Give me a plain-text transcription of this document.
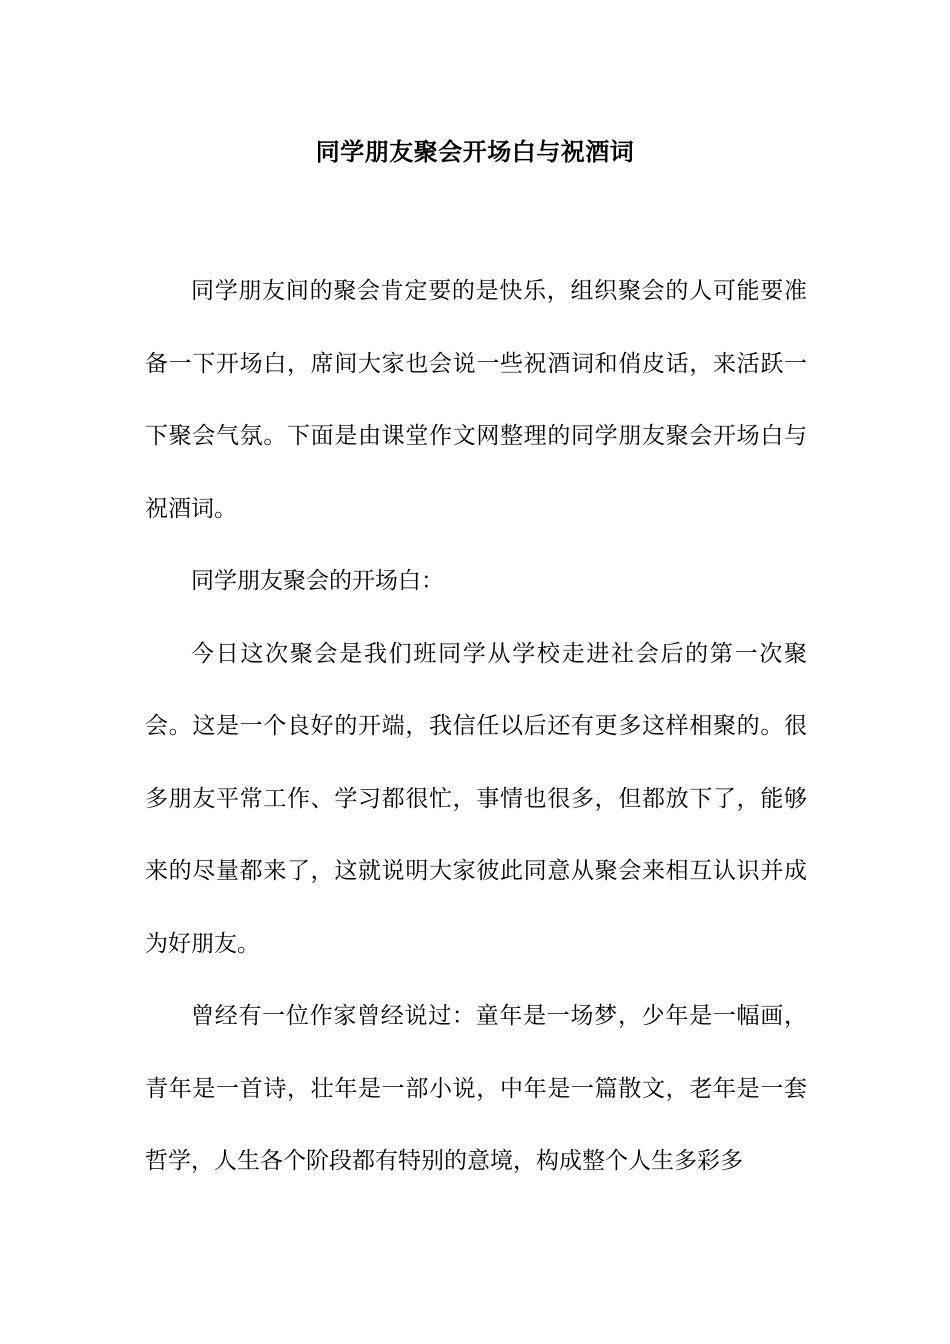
同学朋友聚会开场白与祝酒词

同学朋友间的聚会肯定要的是快乐，组织聚会的人可能要准备一下开场白，席间大家也会说一些祝酒词和俏皮话，来活跃一下聚会气氛。下面是由课堂作文网整理的同学朋友聚会开场白与祝酒词。

同学朋友聚会的开场白：

今日这次聚会是我们班同学从学校走进社会后的第一次聚会。这是一个良好的开端，我信任以后还有更多这样相聚的。很多朋友平常工作、学习都很忙，事情也很多，但都放下了，能够来的尽量都来了，这就说明大家彼此同意从聚会来相互认识并成为好朋友。

曾经有一位作家曾经说过：童年是一场梦，少年是一幅画，青年是一首诗，壮年是一部小说，中年是一篇散文，老年是一套哲学，人生各个阶段都有特别的意境，构成整个人生多彩多
